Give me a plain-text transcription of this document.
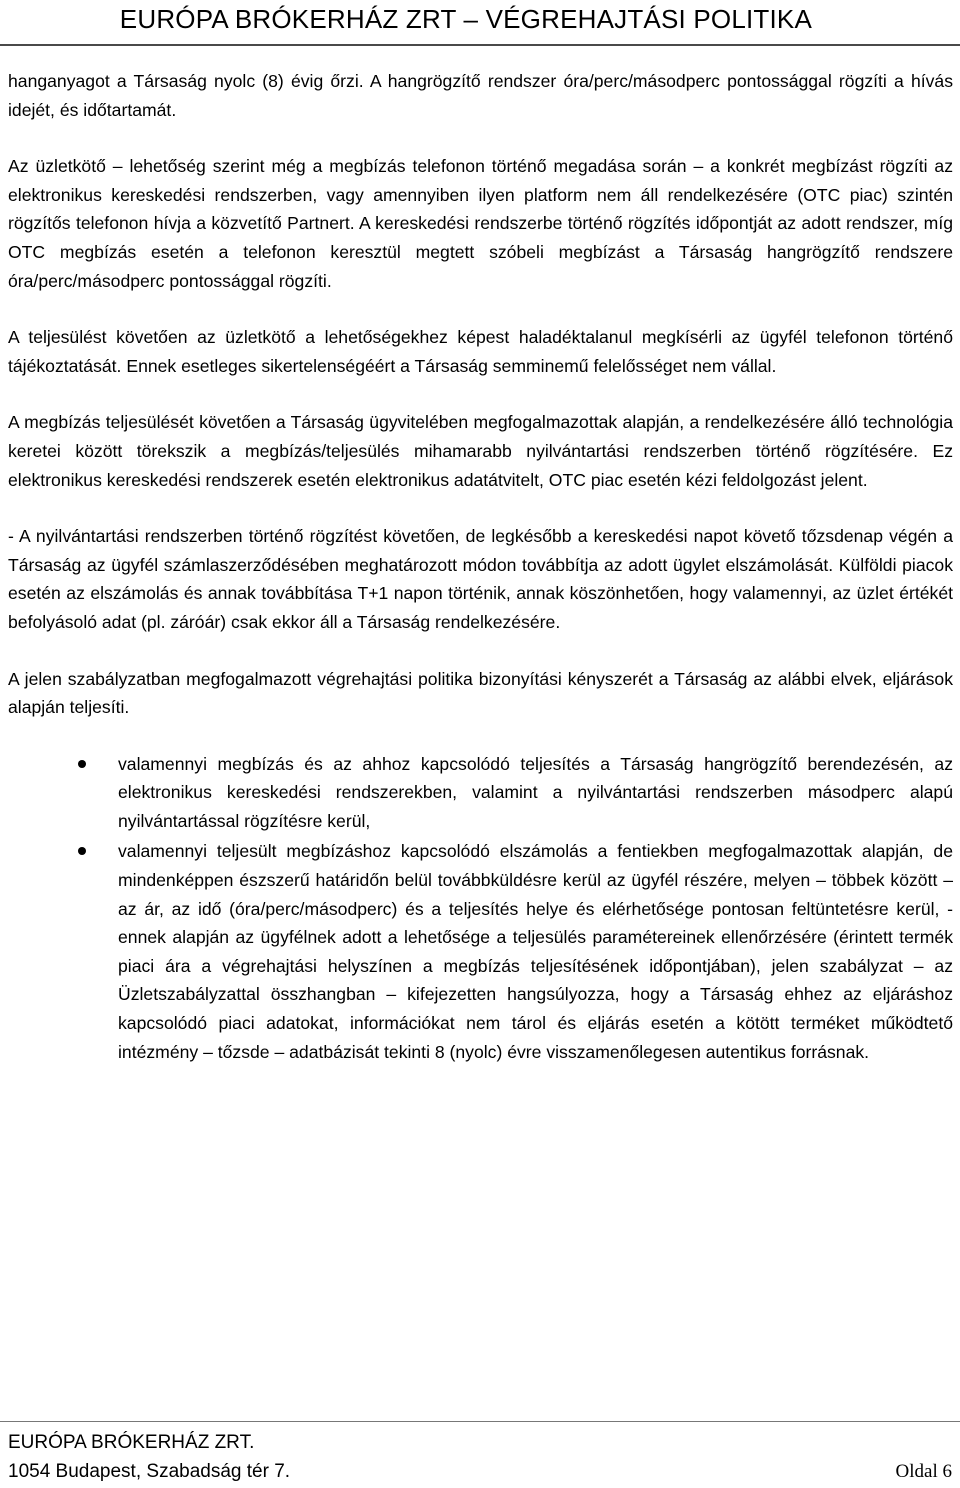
EURÓPA BRÓKERHÁZ ZRT – VÉGREHAJTÁSI POLITIKA

hanganyagot a Társaság nyolc (8) évig őrzi. A hangrögzítő rendszer óra/perc/másodperc pontossággal rögzíti a hívás idejét, és időtartamát.

Az üzletkötő – lehetőség szerint még a megbízás telefonon történő megadása során – a konkrét megbízást rögzíti az elektronikus kereskedési rendszerben, vagy amennyiben ilyen platform nem áll rendelkezésére (OTC piac) szintén rögzítős telefonon hívja a közvetítő Partnert. A kereskedési rendszerbe történő rögzítés időpontját az adott rendszer, míg OTC megbízás esetén a telefonon keresztül megtett szóbeli megbízást a Társaság hangrögzítő rendszere óra/perc/másodperc pontossággal rögzíti.

A teljesülést követően az üzletkötő a lehetőségekhez képest haladéktalanul megkísérli az ügyfél telefonon történő tájékoztatását. Ennek esetleges sikertelenségéért a Társaság semminemű felelősséget nem vállal.

A megbízás teljesülését követően a Társaság ügyvitelében megfogalmazottak alapján, a rendelkezésére álló technológia keretei között törekszik a megbízás/teljesülés mihamarabb nyilvántartási rendszerben történő rögzítésére. Ez elektronikus kereskedési rendszerek esetén elektronikus adatátvitelt, OTC piac esetén kézi feldolgozást jelent.

- A nyilvántartási rendszerben történő rögzítést követően, de legkésőbb a kereskedési napot követő tőzsdenap végén a Társaság az ügyfél számlaszerződésében meghatározott módon továbbítja az adott ügylet elszámolását. Külföldi piacok esetén az elszámolás és annak továbbítása T+1 napon történik, annak köszönhetően, hogy valamennyi, az üzlet értékét befolyásoló adat (pl. záróár) csak ekkor áll a Társaság rendelkezésére.

A jelen szabályzatban megfogalmazott végrehajtási politika bizonyítási kényszerét a Társaság az alábbi elvek, eljárások alapján teljesíti.

valamennyi megbízás és az ahhoz kapcsolódó teljesítés a Társaság hangrögzítő berendezésén, az elektronikus kereskedési rendszerekben, valamint a nyilvántartási rendszerben másodperc alapú nyilvántartással rögzítésre kerül,
valamennyi teljesült megbízáshoz kapcsolódó elszámolás a fentiekben megfogalmazottak alapján, de mindenképpen észszerű határidőn belül továbbküldésre kerül az ügyfél részére, melyen – többek között – az ár, az idő (óra/perc/másodperc) és a teljesítés helye és elérhetősége pontosan feltüntetésre kerül, - ennek alapján az ügyfélnek adott a lehetősége a teljesülés paramétereinek ellenőrzésére (érintett termék piaci ára a végrehajtási helyszínen a megbízás teljesítésének időpontjában), jelen szabályzat – az Üzletszabályzattal összhangban – kifejezetten hangsúlyozza, hogy a Társaság ehhez az eljáráshoz kapcsolódó piaci adatokat, információkat nem tárol és eljárás esetén a kötött terméket működtető intézmény – tőzsde – adatbázisát tekinti 8 (nyolc) évre visszamenőlegesen autentikus forrásnak.
EURÓPA BRÓKERHÁZ ZRT.
1054 Budapest, Szabadság tér 7.	Oldal 6
